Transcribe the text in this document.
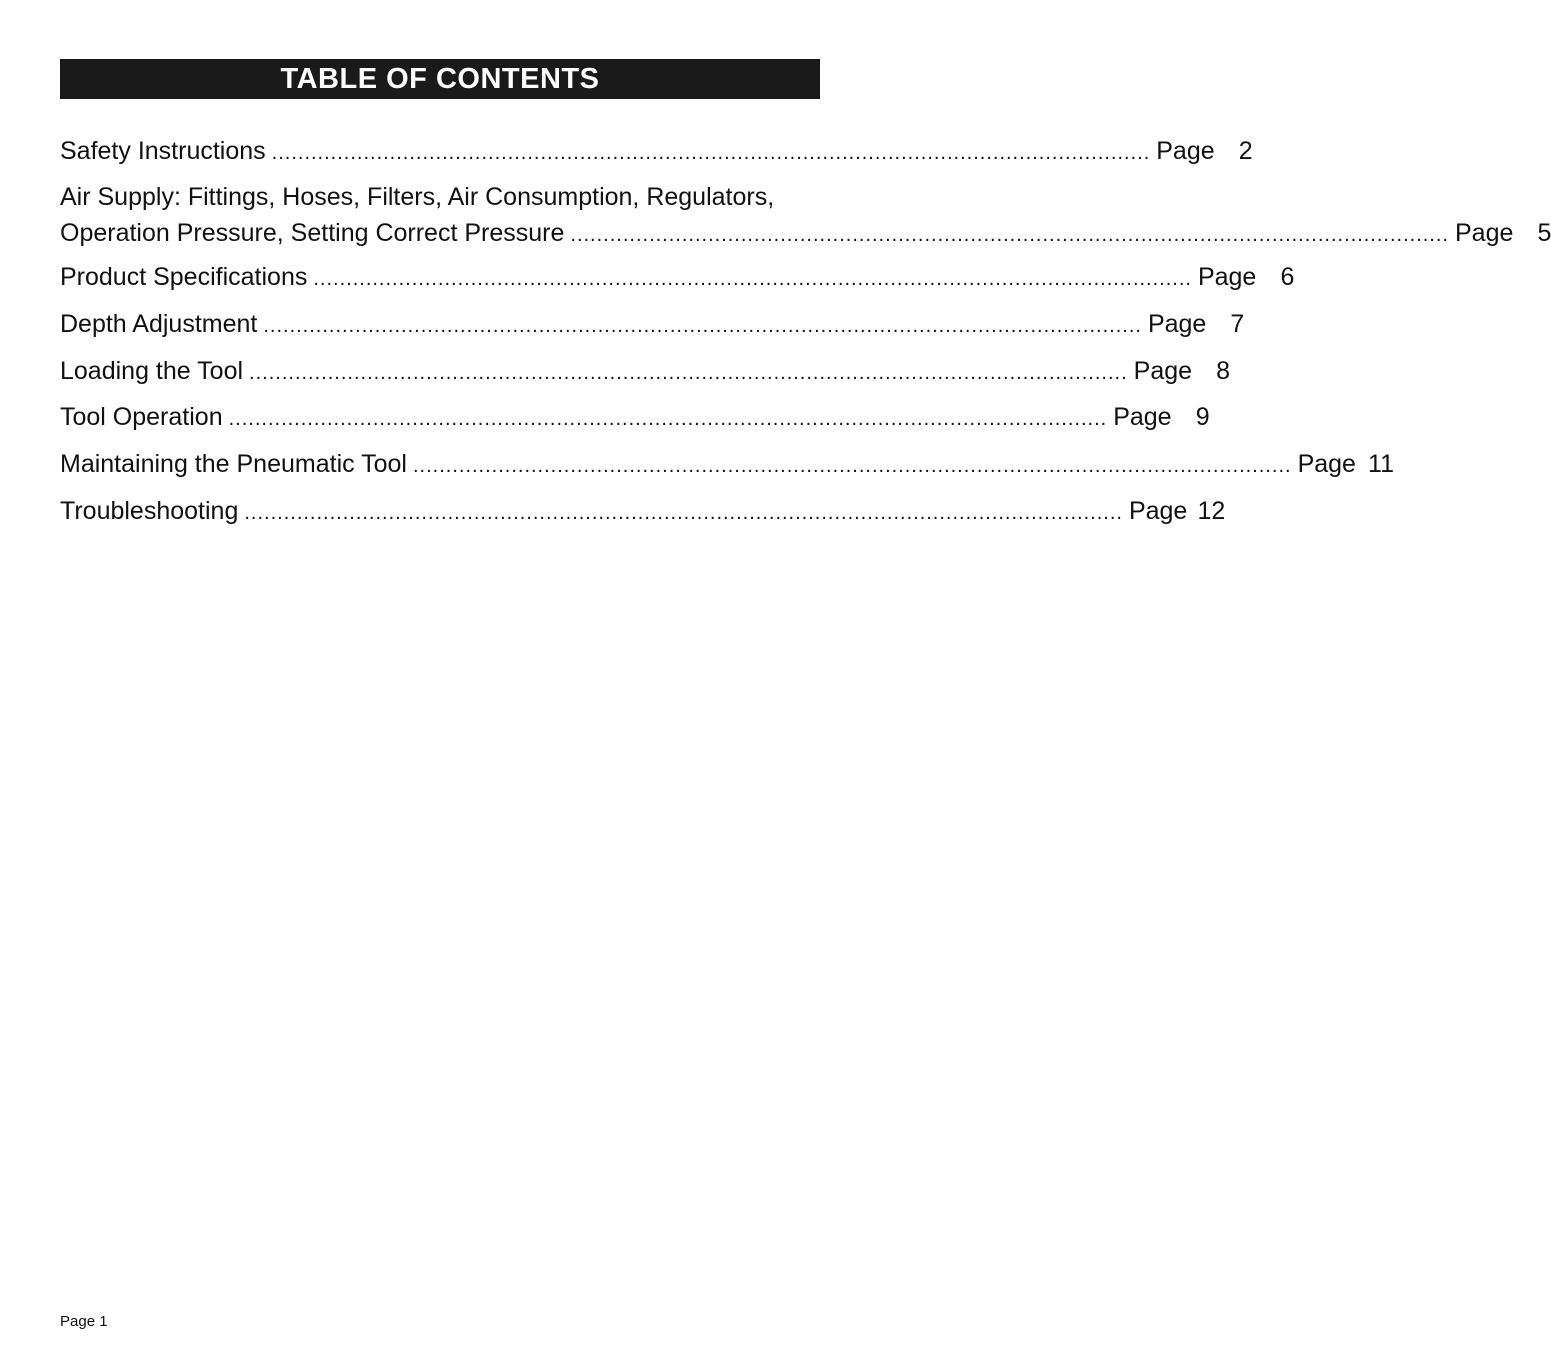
TABLE OF CONTENTS
Safety Instructions ...................................................................................................................................... Page 2
Air Supply: Fittings, Hoses, Filters, Air Consumption, Regulators,
Operation Pressure, Setting Correct Pressure ...................................................................................................................................... Page 5
Product Specifications ...................................................................................................................................... Page 6
Depth Adjustment ...................................................................................................................................... Page 7
Loading the Tool ...................................................................................................................................... Page 8
Tool Operation ...................................................................................................................................... Page 9
Maintaining the Pneumatic Tool ...................................................................................................................................... Page 11
Troubleshooting ...................................................................................................................................... Page 12
Page 1
